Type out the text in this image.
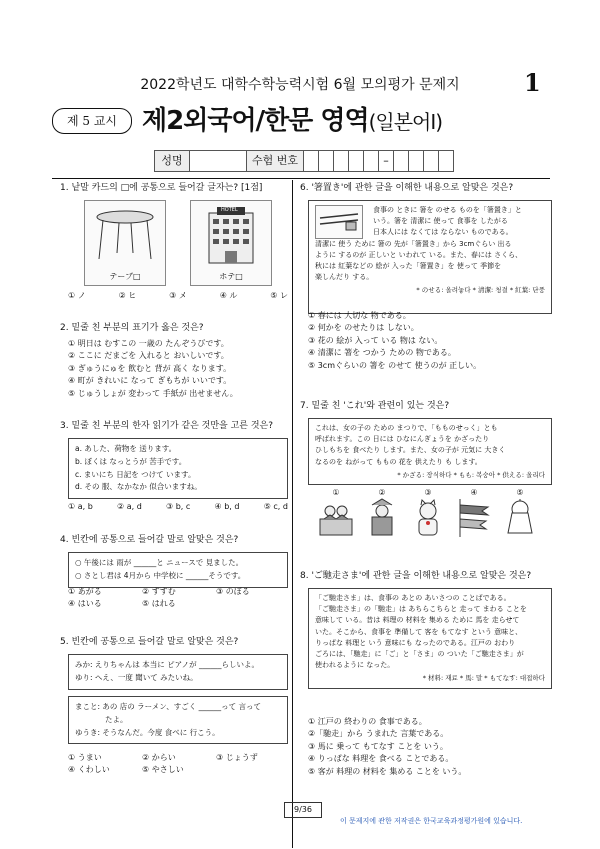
2022학년도 대학수학능력시험 6월 모의평가 문제지	1
제 5 교시 제2외국어/한문 영역(일본어Ⅰ)
성명	수험 번호	–
1. 낱말 카드의 □에 공통으로 들어갈 글자는? [1점]
テーブ□
HOTEL
ホテ□
① ノ	② ヒ	③ メ	④ ル	⑤ レ
2. 밑줄 친 부분의 표기가 옳은 것은?
① 明日は むすこの 一歳の たんぞうびです。
② ここに だまごを 入れると おいしいです。
③ ぎゅうにゅを 飲むと 背が 高く なります。
④ 町が きれいに なって ぎもちが いいです。
⑤ じゅうしょが 変わって 手紙が 出せません。
3. 밑줄 친 부분의 한자 읽기가 같은 것만을 고른 것은?
a. あした、荷物を 送ります。
b. ぼくは なっとうが 苦手です。
c. まいにち 日記を つけて います。
d. その 服、なかなか 似合いますね。
① a, b	② a, d	③ b, c	④ b, d	⑤ c, d
4. 빈칸에 공통으로 들어갈 말로 알맞은 것은?
○ 午後には 雨が ______と ニュースで 見ました。
○ さとし君は 4月から 中学校に ______そうです。
① あがる	② すすむ	③ のぼる
④ はいる	⑤ はれる
5. 빈칸에 공통으로 들어갈 말로 알맞은 것은?
みか: えりちゃんは 本当に ピアノが ______らしいよ。
ゆり: へえ、一度 聞いて みたいね。
まこと: あの 店の ラーメン、すごく ______って 言って
たよ。
ゆうき: そうなんだ。今度 食べに 行こう。
① うまい	② からい	③ じょうず
④ くわしい	⑤ やさしい
6. '箸置き'에 관한 글을 이해한 내용으로 알맞은 것은?
食事の ときに 箸を のせる ものを「箸置き」と
いう。箸を 清潔に 使って 食事を したがる
日本人には なくては ならない ものである。
清潔に 使う ために 箸の 先が「箸置き」から 3cmぐらい 出る
ように するのが 正しいと いわれて いる。また、春には さくら、
秋には 紅葉などの 絵が 入った「箸置き」を 使って 季節を
楽しんだり する。
* のせる: 올려놓다 * 清潔: 청결 * 紅葉: 단풍
① 春には 大切な 物である。
② 何かを のせたりは しない。
③ 花の 絵が 入って いる 物は ない。
④ 清潔に 箸を つかう ための 物である。
⑤ 3cmぐらいの 箸を のせて 使うのが 正しい。
7. 밑줄 친 'これ'와 관련이 있는 것은?
これは、女の子の ための まつりで、「もものせっく」とも
呼ばれます。この 日には ひなにんぎょうを かざったり
ひしもちを 食べたり します。また、女の子が 元気に 大きく
なるのを ねがって ももの 花を 供えたり も します。
* かざる: 장식하다 * もも: 복숭아 * 供える: 올리다
①	②	③	④	⑤
8. 'ご馳走さま'에 관한 글을 이해한 내용으로 알맞은 것은?
「ご馳走さま」は、食事の あとの あいさつの ことばである。
「ご馳走さま」の「馳走」は あちらこちらと 走って まわる ことを
意味して いる。昔は 料理の 材料を 集める ために 馬を 走らせて
いた。そこから、食事を 準備して 客を もてなす という 意味と、
りっぱな 料理と いう 意味にも なったのである。江戸の おわり
ごろには、「馳走」に「ご」と「さま」の ついた「ご馳走さま」が
使われるように なった。
* 材料: 재료 * 馬: 말 * もてなす: 대접하다
① 江戸の 終わりの 食事である。
②「馳走」から うまれた 言葉である。
③ 馬に 乗って もてなす ことを いう。
④ りっぱな 料理を 食べる ことである。
⑤ 客が 料理の 材料を 集める ことを いう。
9/36
이 문제지에 관한 저작권은 한국교육과정평가원에 있습니다.
